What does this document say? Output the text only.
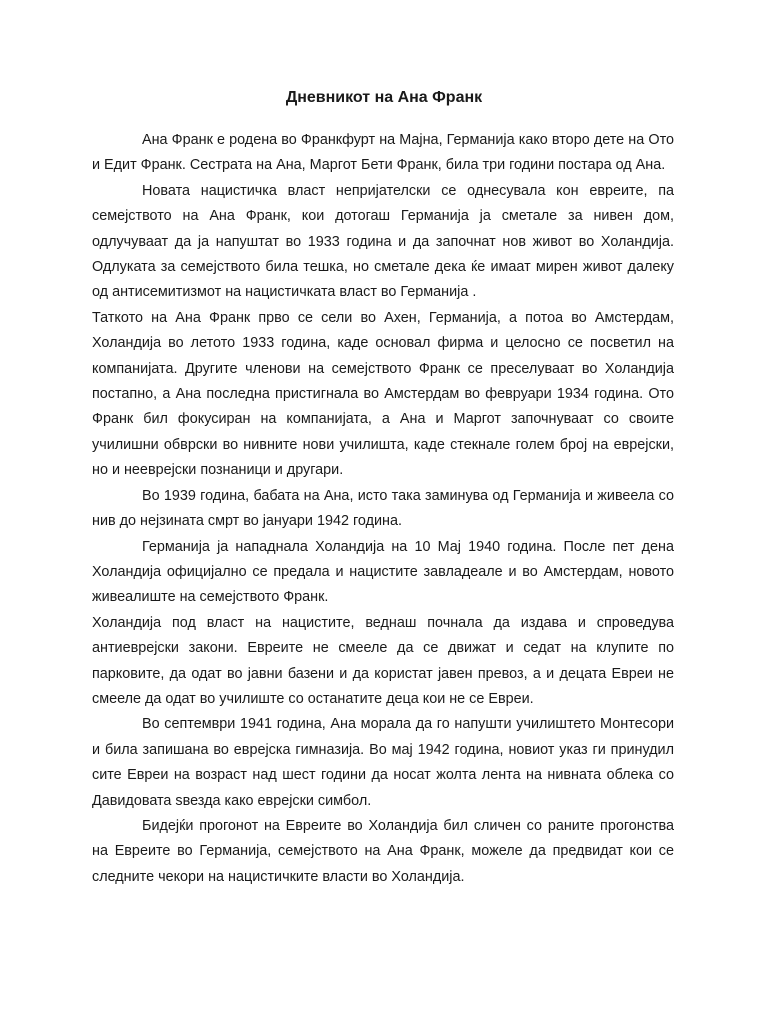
Дневникот на Ана Франк

Ана Франк е родена во Франкфурт на Мајна, Германија како второ дете на Ото и Едит Франк. Сестрата на Ана, Маргот Бети Франк, била три години постара од Ана.

Новата нацистичка власт непријателски се однесувала кон евреите, па семејството на Ана Франк, кои дотогаш Германија ја сметале за нивен дом, одлучуваат да ја напуштат во 1933 година и да започнат нов живот во Холандија. Одлуката за семејството била тешка, но сметале дека ќе имаат мирен живот далеку од антисемитизмот на нацистичката власт во Германија .

Таткото на Ана Франк прво се сели во Ахен, Германија, а потоа во Амстердам, Холандија во летото 1933 година, каде основал фирма и целосно се посветил на компанијата. Другите членови на семејството Франк се преселуваат во Холандија постапно, а Ана последна пристигнала во Амстердам во февруари 1934 година. Ото Франк бил фокусиран на компанијата, а Ана и Маргот започнуваат со своите училишни обврски во нивните нови училишта, каде стекнале голем број на еврејски, но и нееврејски познаници и другари.

Во 1939 година, бабата на Ана, исто така заминува од Германија и живеела со нив до нејзината смрт во јануари 1942 година.

Германија ја нападнала Холандија на 10 Мај 1940 година. После пет дена Холандија официјално се предала и нацистите завладеале и во Амстердам, новото живеалиште на семејството Франк.

Холандија под власт на нацистите, веднаш почнала да издава и спроведува антиеврејски закони. Евреите не смееле да се движат и седат на клупите по парковите, да одат во јавни базени и да користат јавен превоз, а и децата Евреи не смееле да одат во училиште со останатите деца кои не се Евреи.

Во септември 1941 година, Ана морала да го напушти училиштето Монтесори и била запишана во еврејска гимназија. Во мај 1942 година, новиот указ ги принудил сите Евреи на возраст над шест години да носат жолта лента на нивната облека со Давидовата ѕвезда како еврејски симбол.

Бидејќи прогонот на Евреите во Холандија бил сличен со раните прогонства на Евреите во Германија, семејството на Ана Франк, можеле да предвидат кои се следните чекори на нацистичките власти во Холандија.
